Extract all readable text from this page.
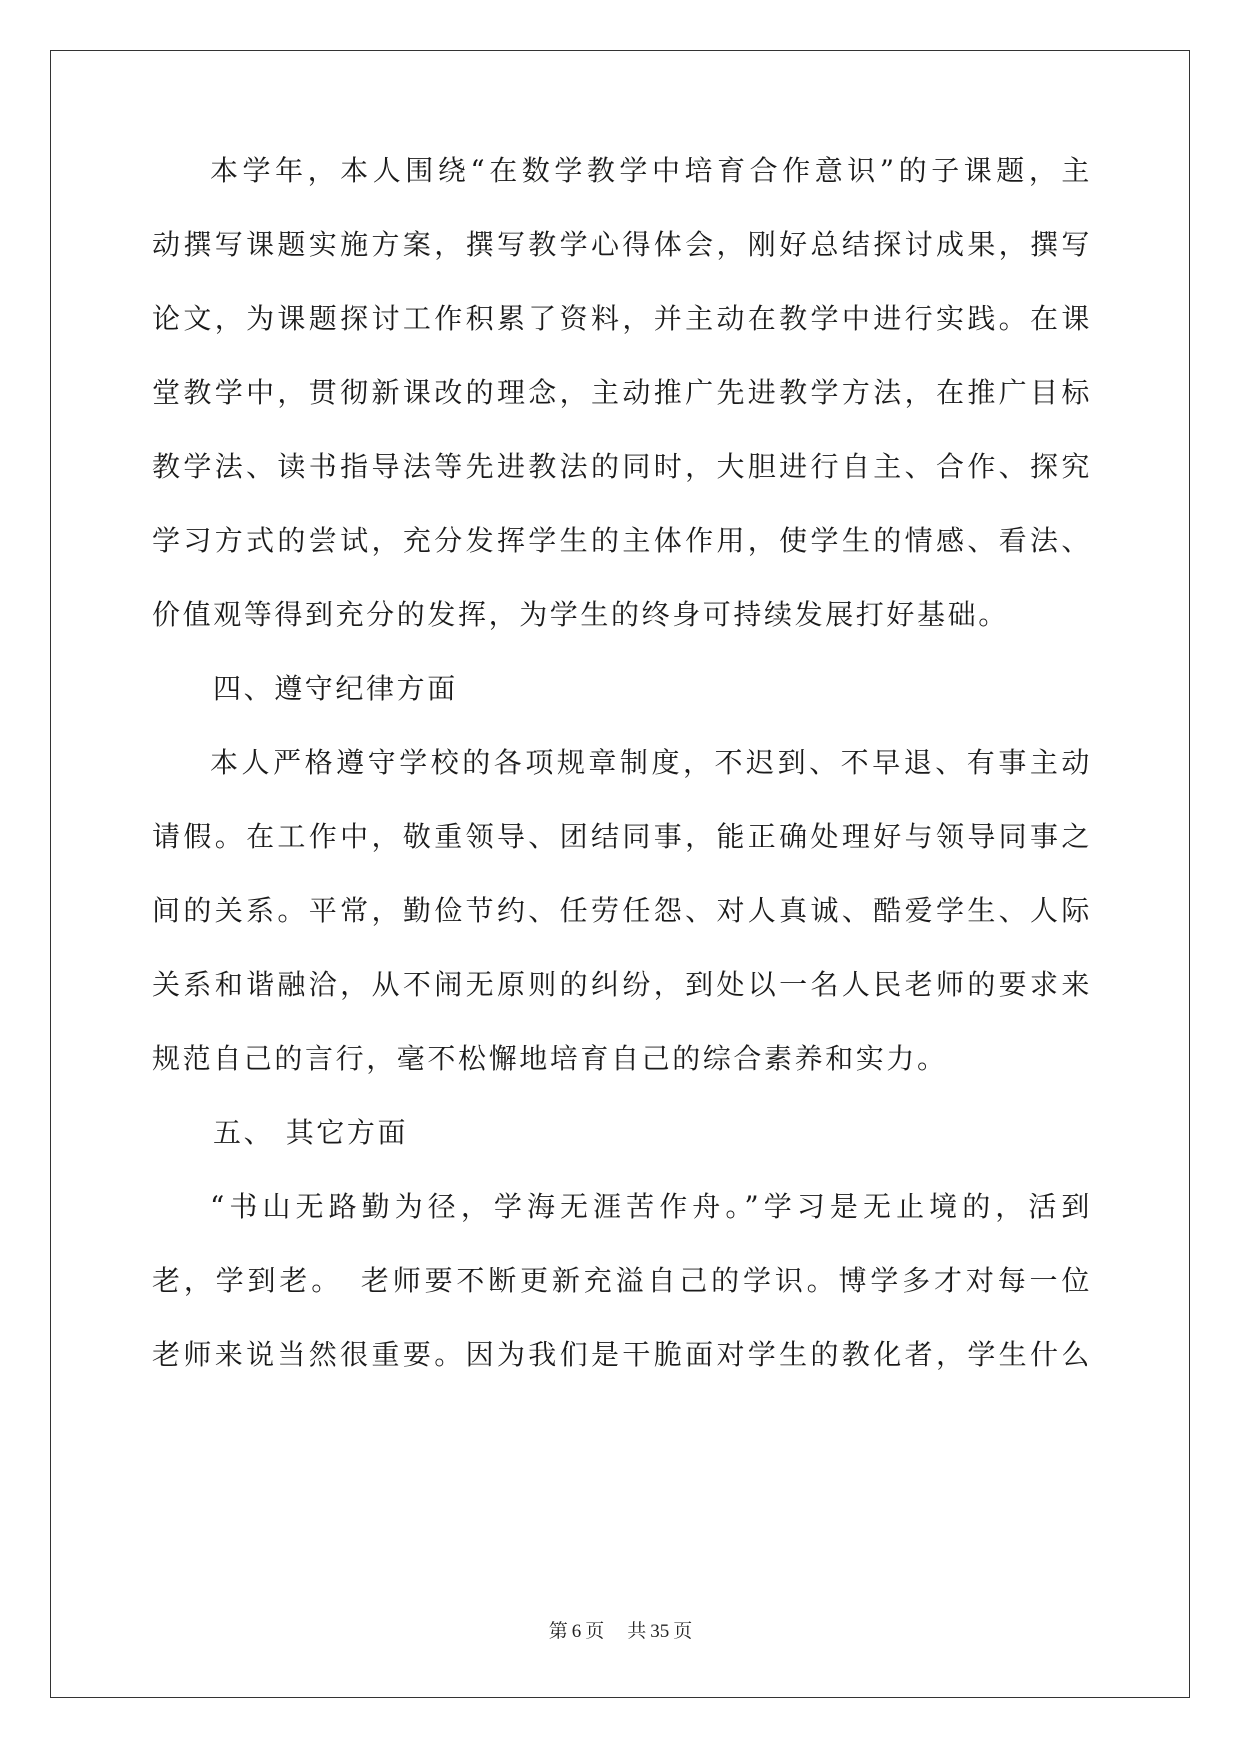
本学年，本人围绕“在数学教学中培育合作意识”的子课题，主
动撰写课题实施方案，撰写教学心得体会，刚好总结探讨成果，撰写
论文，为课题探讨工作积累了资料，并主动在教学中进行实践。在课
堂教学中，贯彻新课改的理念，主动推广先进教学方法，在推广目标
教学法、读书指导法等先进教法的同时，大胆进行自主、合作、探究
学习方式的尝试，充分发挥学生的主体作用，使学生的情感、看法、
价值观等得到充分的发挥，为学生的终身可持续发展打好基础。
四、遵守纪律方面
本人严格遵守学校的各项规章制度，不迟到、不早退、有事主动
请假。在工作中，敬重领导、团结同事，能正确处理好与领导同事之
间的关系。平常，勤俭节约、任劳任怨、对人真诚、酷爱学生、人际
关系和谐融洽，从不闹无原则的纠纷，到处以一名人民老师的要求来
规范自己的言行，毫不松懈地培育自己的综合素养和实力。
五、 其它方面
“书山无路勤为径，学海无涯苦作舟。”学习是无止境的，活到
老，学到老。　老师要不断更新充溢自己的学识。博学多才对每一位
老师来说当然很重要。因为我们是干脆面对学生的教化者，学生什么
第 6 页 共 35 页
